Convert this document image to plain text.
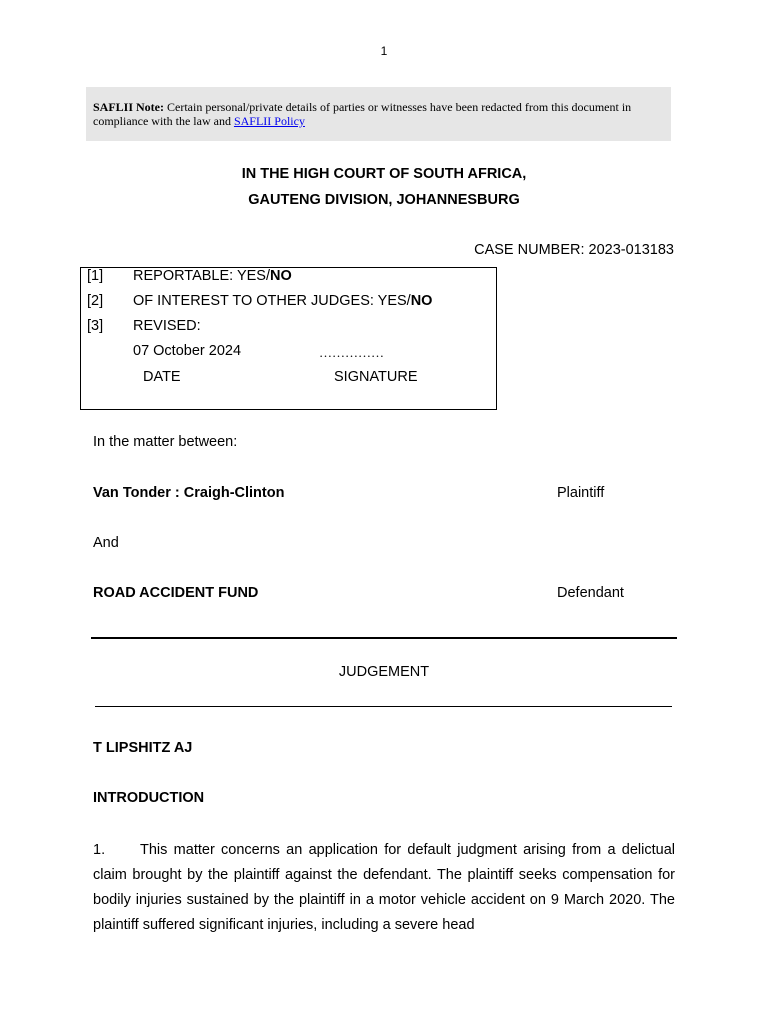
1
SAFLII Note: Certain personal/private details of parties or witnesses have been redacted from this document in compliance with the law and SAFLII Policy
IN THE HIGH COURT OF SOUTH AFRICA,
GAUTENG DIVISION, JOHANNESBURG
CASE NUMBER: 2023-013183
[1] REPORTABLE: YES/NO
[2] OF INTEREST TO OTHER JUDGES: YES/NO
[3] REVISED:
07 October 2024	……………
DATE	SIGNATURE
In the matter between:
Van Tonder : Craigh-Clinton	Plaintiff
And
ROAD ACCIDENT FUND	Defendant
JUDGEMENT
T LIPSHITZ AJ
INTRODUCTION
1. This matter concerns an application for default judgment arising from a delictual claim brought by the plaintiff against the defendant. The plaintiff seeks compensation for bodily injuries sustained by the plaintiff in a motor vehicle accident on 9 March 2020. The plaintiff suffered significant injuries, including a severe head
